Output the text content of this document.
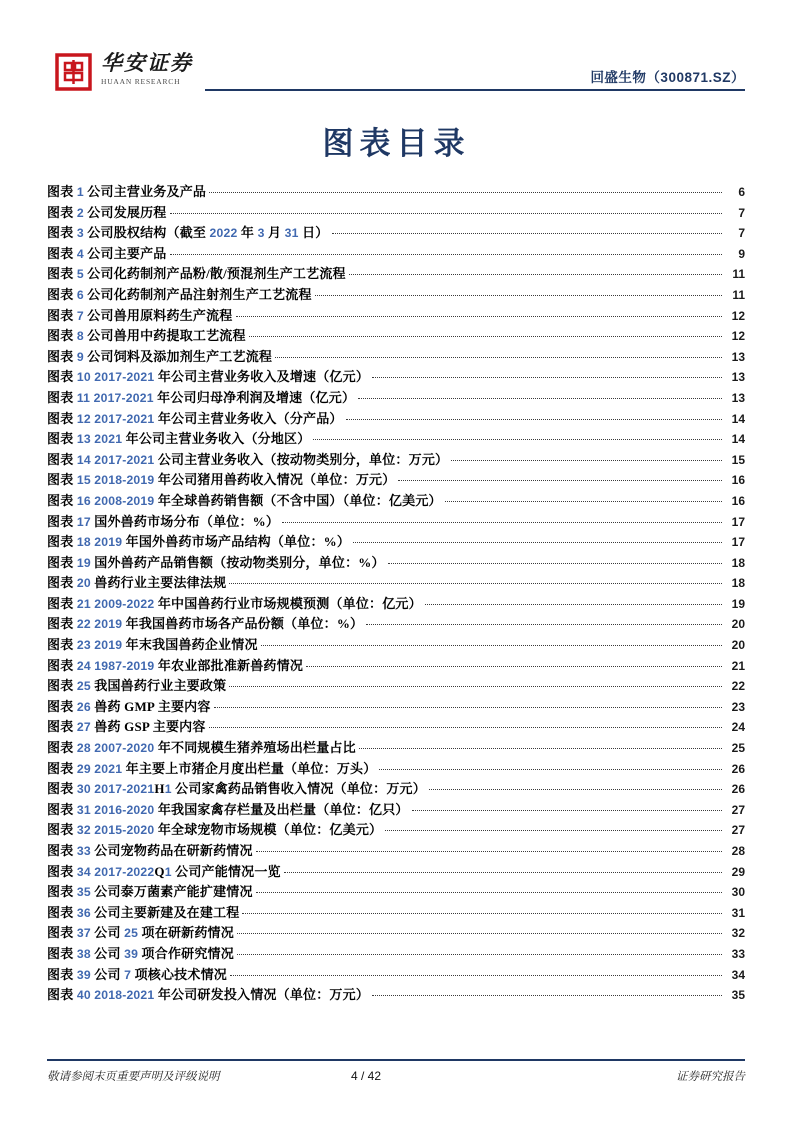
华安证券
HUAAN RESEARCH	回盛生物（300871.SZ）
图表目录
图表 1 公司主营业务及产品	6
图表 2 公司发展历程	7
图表 3 公司股权结构（截至 2022 年 3 月 31 日）	7
图表 4 公司主要产品	9
图表 5 公司化药制剂产品粉/散/预混剂生产工艺流程	11
图表 6 公司化药制剂产品注射剂生产工艺流程	11
图表 7 公司兽用原料药生产流程	12
图表 8 公司兽用中药提取工艺流程	12
图表 9 公司饲料及添加剂生产工艺流程	13
图表 10 2017-2021 年公司主营业务收入及增速（亿元）	13
图表 11 2017-2021 年公司归母净利润及增速（亿元）	13
图表 12 2017-2021 年公司主营业务收入（分产品）	14
图表 13 2021 年公司主营业务收入（分地区）	14
图表 14 2017-2021 公司主营业务收入（按动物类别分，单位：万元）	15
图表 15 2018-2019 年公司猪用兽药收入情况（单位：万元）	16
图表 16 2008-2019 年全球兽药销售额（不含中国）（单位：亿美元）	16
图表 17 国外兽药市场分布（单位：%）	17
图表 18 2019 年国外兽药市场产品结构（单位：%）	17
图表 19 国外兽药产品销售额（按动物类别分，单位：%）	18
图表 20 兽药行业主要法律法规	18
图表 21 2009-2022 年中国兽药行业市场规模预测（单位：亿元）	19
图表 22 2019 年我国兽药市场各产品份额（单位：%）	20
图表 23 2019 年末我国兽药企业情况	20
图表 24 1987-2019 年农业部批准新兽药情况	21
图表 25 我国兽药行业主要政策	22
图表 26 兽药 GMP 主要内容	23
图表 27 兽药 GSP 主要内容	24
图表 28 2007-2020 年不同规模生猪养殖场出栏量占比	25
图表 29 2021 年主要上市猪企月度出栏量（单位：万头）	26
图表 30 2017-2021H1 公司家禽药品销售收入情况（单位：万元）	26
图表 31 2016-2020 年我国家禽存栏量及出栏量（单位：亿只）	27
图表 32 2015-2020 年全球宠物市场规模（单位：亿美元）	27
图表 33 公司宠物药品在研新药情况	28
图表 34 2017-2022Q1 公司产能情况一览	29
图表 35 公司泰万菌素产能扩建情况	30
图表 36 公司主要新建及在建工程	31
图表 37 公司 25 项在研新药情况	32
图表 38 公司 39 项合作研究情况	33
图表 39 公司 7 项核心技术情况	34
图表 40 2018-2021 年公司研发投入情况（单位：万元）	35
敬请参阅末页重要声明及评级说明	4 / 42	证券研究报告
